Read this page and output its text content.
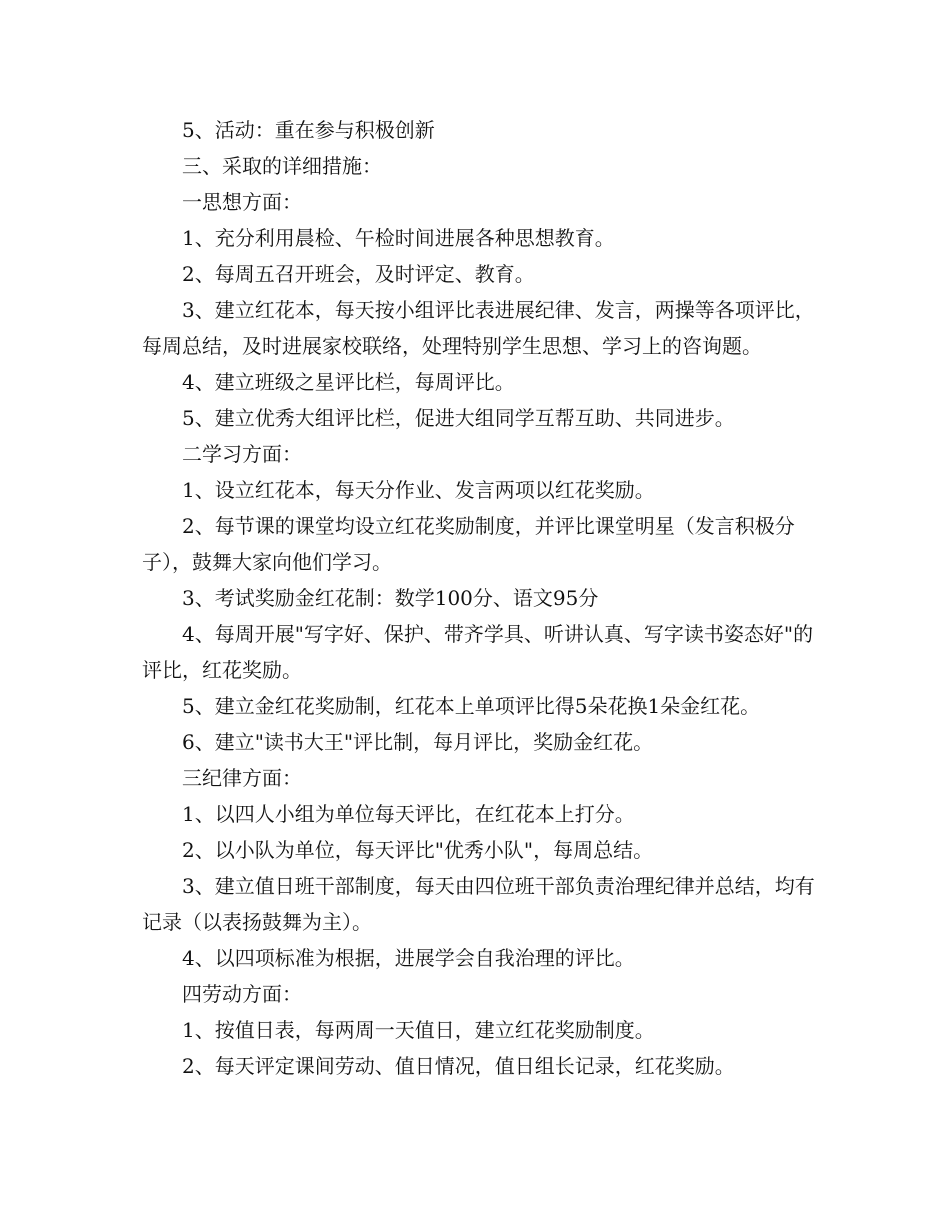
5、活动：重在参与积极创新

三、采取的详细措施：

一思想方面：

1、充分利用晨检、午检时间进展各种思想教育。

2、每周五召开班会，及时评定、教育。

3、建立红花本，每天按小组评比表进展纪律、发言，两操等各项评比，每周总结，及时进展家校联络，处理特别学生思想、学习上的咨询题。

4、建立班级之星评比栏，每周评比。

5、建立优秀大组评比栏，促进大组同学互帮互助、共同进步。

二学习方面：

1、设立红花本，每天分作业、发言两项以红花奖励。

2、每节课的课堂均设立红花奖励制度，并评比课堂明星（发言积极分子），鼓舞大家向他们学习。

3、考试奖励金红花制：数学100分、语文95分

4、每周开展"写字好、保护、带齐学具、听讲认真、写字读书姿态好"的评比，红花奖励。

5、建立金红花奖励制，红花本上单项评比得5朵花换1朵金红花。

6、建立"读书大王"评比制，每月评比，奖励金红花。

三纪律方面：

1、以四人小组为单位每天评比，在红花本上打分。

2、以小队为单位，每天评比"优秀小队"，每周总结。

3、建立值日班干部制度，每天由四位班干部负责治理纪律并总结，均有记录（以表扬鼓舞为主）。

4、以四项标准为根据，进展学会自我治理的评比。

四劳动方面：

1、按值日表，每两周一天值日，建立红花奖励制度。

2、每天评定课间劳动、值日情况，值日组长记录，红花奖励。
